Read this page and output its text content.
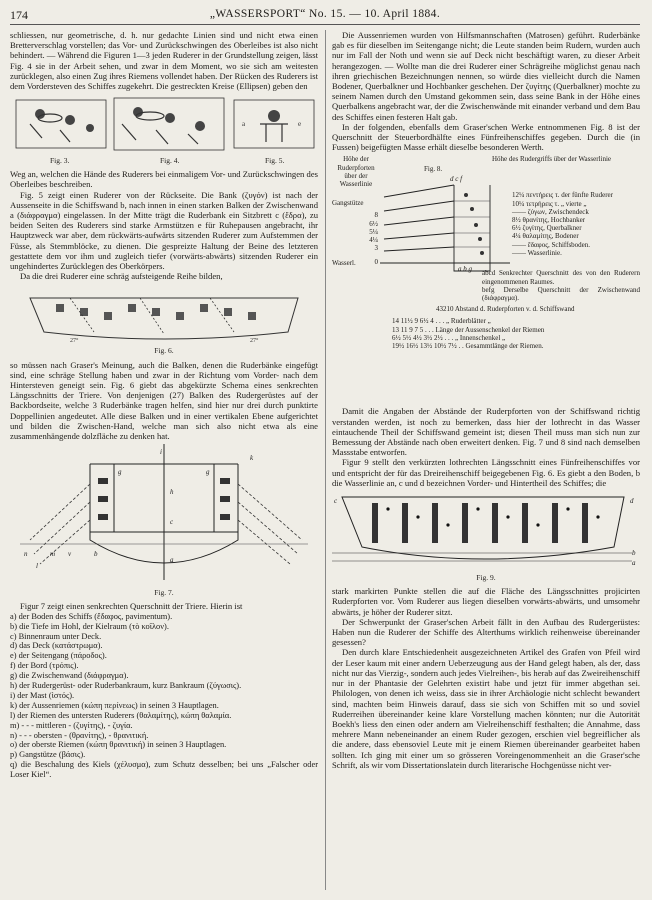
174	„WASSERSPORT“ No. 15. — 10. April 1884.

schliessen, nur geometrische, d. h. nur gedachte Linien sind und nicht etwa einen Bretterverschlag vorstellen; das Vor- und Zurückschwingen des Oberleibes ist also nicht behindert. — Während die Figuren 1—3 jeden Ruderer in der Grundstellung zeigen, lässt Fig. 4 sie in der Arbeit sehen, und zwar in dem Moment, wo sie sich am weitesten zurücklegen, also einen Zug ihres Riemens vollendet haben. Der Rücken des Ruderers ist dem Vordersteven des Schiffes zugekehrt. Die gestreckten Kreise (Ellipsen) geben den

a	e
Fig. 3.	Fig. 4.	Fig. 5.

Weg an, welchen die Hände des Ruderers bei einmaligem Vor- und Zurückschwingen des Oberleibes beschreiben.

Fig. 5 zeigt einen Ruderer von der Rückseite. Die Bank (ζυγόν) ist nach der Aussenseite in die Schiffswand b, nach innen in einen starken Balken der Zwischenwand a (διάφραγμα) eingelassen. In der Mitte trägt die Ruderbank ein Sitzbrett c (ἕδρα), zu beiden Seiten des Ruderers sind starke Armstützen e für Ruhepausen angebracht, ihr Hauptzweck war aber, dem rückwärts-aufwärts sitzenden Ruderer zum Aufstemmen der Füsse, als Stemmblöcke, zu dienen. Die gespreizte Haltung der Beine des letzteren gestattete dem vor ihm und zugleich tiefer (vorwärts-abwärts) sitzenden Ruderer ein ungehindertes Zurücklegen des Oberkörpers.

Da die drei Ruderer eine schräg aufsteigende Reihe bilden,

27°	27°
Fig. 6.

so müssen nach Graser's Meinung, auch die Balken, denen die Ruderbänke eingefügt sind, eine schräge Stellung haben und zwar in der Richtung vom Vorder- nach dem Hintersteven geneigt sein. Fig. 6 giebt das abgekürzte Schema eines senkrechten Längsschnitts der Triere. Von denjenigen (27) Balken des Rudergerüstes auf der Backbordseite, welche 3 Ruderbänke tragen helfen, sind hier nur drei durch punktirte Doppellinien angedeutet. Alle diese Balken und in einer vertikalen Ebene aufgerichtet und bilden die Zwischen-Hand, welche man sich also nicht etwa als eine zusammenhängende dolzfläche zu denken hat.

i
g	g
h
c
a
k
l
n	m v	b
Fig. 7.

Figur 7 zeigt einen senkrechten Querschnitt der Triere. Hierin ist

a) der Boden des Schiffs (ἔδαφος, pavimentum).
b) die Tiefe im Hohl, der Kielraum (τὸ κοῖλον).
c) Binnenraum unter Deck.
d) das Deck (κατάστρωμα).
e) der Seitengang (πάροδος).
f) der Bord (τρόπις).
g) die Zwischenwand (διάφραγμα).
h) der Rudergerüst- oder Ruderbankraum, kurz Bankraum (ζύγωσις).
i) der Mast (ἱστός).
k) der Aussenriemen (κώπη περίνεως) in seinen 3 Hauptlagen.
l) der Riemen des untersten Ruderers (θαλαμίτης), κώπη θαλαμία.
m) - - - mittleren - (ζυγίτης), - ζυγία.
n) - - - obersten - (θρανίτης), - θρανιτική.
o) der oberste Riemen (κώπη θρανιτική) in seinen 3 Hauptlagen.
p) Gangstütze (βάσις).
q) die Beschalung des Kiels (χέλυσμα), zum Schutz desselben; bei uns „Falscher oder Loser Kiel“.

Die Aussenriemen wurden von Hilfsmannschaften (Matrosen) geführt. Ruderbänke gab es für dieselben im Seitengange nicht; die Leute standen beim Rudern, wurden auch nur im Fall der Noth und wenn sie auf Deck nicht beschäftigt waren, zu dieser Arbeit herangezogen. — Wollte man die drei Ruderer einer Schrägreihe möglichst genau nach ihren griechischen Bezeichnungen nennen, so würde dies vielleicht durch die Namen Bodener, Querbalkner und Hochbanker geschehen. Der ζυγίτης (Querbalkner) mochte zu seinem Namen durch den Umstand gekommen sein, dass seine Bank in der Höhe eines Querbalkens angebracht war, der die Zwischenwände mit einander verband und dem Bau des Schiffes einen festeren Halt gab.

In der folgenden, ebenfalls dem Graser'schen Werke entnommenen Fig. 8 ist der Querschnitt der Steuerbordhälfte eines Fünfreihenschiffes gegeben. Durch die (in Fussen) beigefügten Masse erhält dieselbe besonderen Werth.

Höhe der Ruderpforten über der Wasserlinie
Fig. 8.
Höhe des Rudergriffs über der Wasserlinie
d c f
Gangstütze
Wasserl.
a b g
8
6½
5¼
4¼
3
0
12¼ πεντήρεις τ. der fünfte Ruderer
10¼ τετρήρεις τ. „ vierte „
—— ζύγων, Zwischendeck
8½ θρανίτης, Hochbanker
6½ ζυγίτης, Querbalkner
4¼ θαλαμίτης, Bodener
—— ἔδαφος, Schiffsboden.
—— Wasserlinie.
abcd Senkrechter Querschnitt des von den Ruderern eingenommenen Raumes.
befg Derselbe Querschnitt der Zwischenwand (διάφραγμα).
43210 Abstand d. Ruderpforten v. d. Schiffswand
14 11½ 9 6½ 4 . . . „ Ruderblätter „
13 11 9 7 5 . . . Länge der Aussenschenkel der Riemen
6½ 5½ 4½ 3½ 2½ . . . „ Innenschenkel „
19½ 16½ 13½ 10½ 7½ . . Gesammtlänge der Riemen.

Damit die Angaben der Abstände der Ruderpforten von der Schiffswand richtig verstanden werden, ist noch zu bemerken, dass hier der lothrecht in das Wasser eintauchende Theil der Schiffswand gemeint ist; diesen Theil muss man sich nun zur Bemessung der Abstände nach oben erweitert denken. Fig. 7 und 8 sind nach demselben Massstabe entworfen.

Figur 9 stellt den verkürzten lothrechten Längsschnitt eines Fünfreihenschiffes vor und entspricht der für das Dreireihenschiff beigegebenen Fig. 6. Es giebt a den Boden, b die Wasserlinie an, c und d bezeichnen Vorder- und Hintertheil des Schiffes; die

b
a
c	d
Fig. 9.

stark markirten Punkte stellen die auf die Fläche des Längsschnittes projicirten Ruderpforten vor. Vom Ruderer aus liegen dieselben vorwärts-abwärts, und umsomehr abwärts, je höher der Ruderer sitzt.

Der Schwerpunkt der Graser'schen Arbeit fällt in den Aufbau des Rudergerüstes: Haben nun die Ruderer der Schiffe des Alterthums wirklich reihenweise übereinander gesessen?

Den durch klare Entschiedenheit ausgezeichneten Artikel des Grafen von Pfeil wird der Leser kaum mit einer andern Ueberzeugung aus der Hand gelegt haben, als der, dass nicht nur das Vierzig-, sondern auch jedes Vielreihen-, bis herab auf das Zweireihenschiff nur in der Phantasie der Gelehrten existirt habe und jetzt für immer abgethan sei. Philologen, von denen ich weiss, dass sie in ihrer Archäologie nicht schlecht bewandert sind, machten beim Hinweis darauf, dass sie sich von Schiffen mit so und soviel Ruderreihen übereinander keine klare Vorstellung machen könnten; nur die Autorität Boekh's liess den einen oder andern am Vielreihenschiff festhalten; die Annahme, dass mehrere Mann nebeneinander an einem Ruder gezogen, erschien viel begreiflicher als die andere, dass ebensoviel Leute mit je einem Riemen übereinander gearbeitet haben sollten. Ich ging mit einer um so grösseren Voreingenommenheit an die Graser'sche Schrift, als wir vom Dissertationslatein durch literarische Hochgenüsse nicht ver-
